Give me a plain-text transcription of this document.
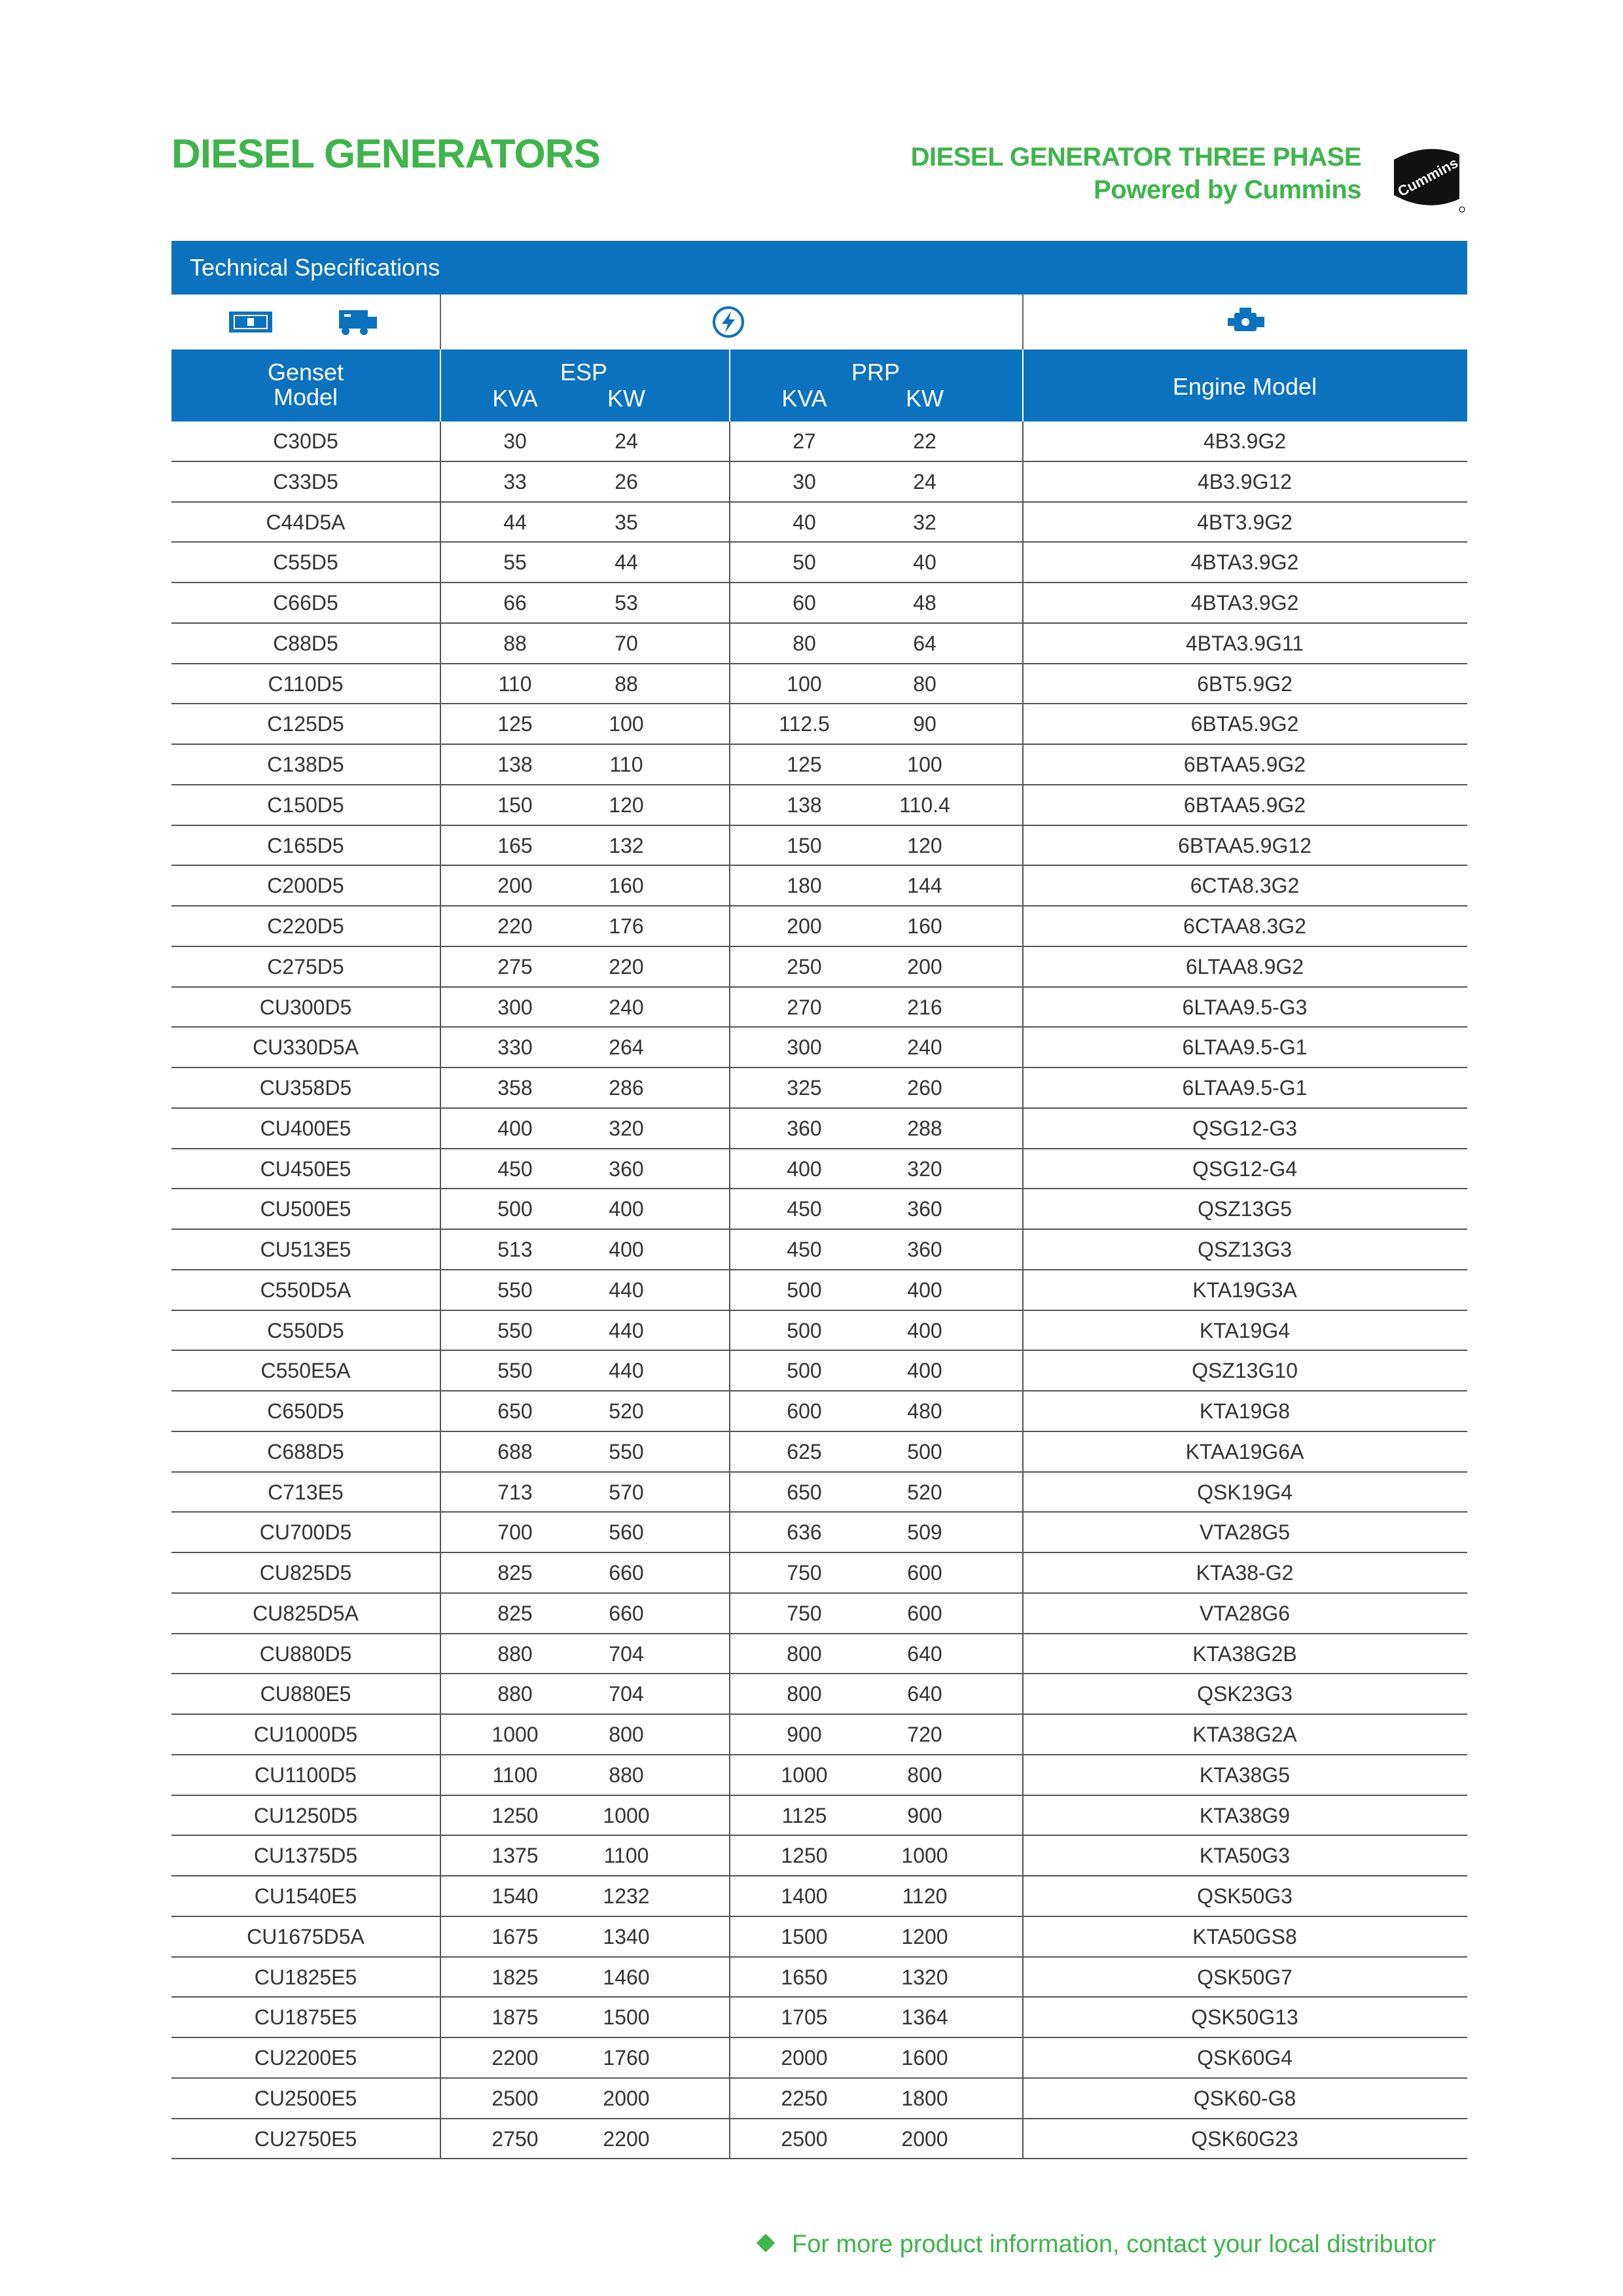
DIESEL GENERATORS	DIESEL GENERATOR THREE PHASE
Powered by Cummins Cummins
Technical Specifications
Genset
Model
ESP
KVA	KW
PRP
KVA	KW	Engine Model
C30D5	30	24	27	22	4B3.9G2
C33D5	33	26	30	24	4B3.9G12
C44D5A	44	35	40	32	4BT3.9G2
C55D5	55	44	50	40	4BTA3.9G2
C66D5	66	53	60	48	4BTA3.9G2
C88D5	88	70	80	64	4BTA3.9G11
C110D5	110	88	100	80	6BT5.9G2
C125D5	125	100	112.5	90	6BTA5.9G2
C138D5	138	110	125	100	6BTAA5.9G2
C150D5	150	120	138	110.4	6BTAA5.9G2
C165D5	165	132	150	120	6BTAA5.9G12
C200D5	200	160	180	144	6CTA8.3G2
C220D5	220	176	200	160	6CTAA8.3G2
C275D5	275	220	250	200	6LTAA8.9G2
CU300D5	300	240	270	216	6LTAA9.5-G3
CU330D5A	330	264	300	240	6LTAA9.5-G1
CU358D5	358	286	325	260	6LTAA9.5-G1
CU400E5	400	320	360	288	QSG12-G3
CU450E5	450	360	400	320	QSG12-G4
CU500E5	500	400	450	360	QSZ13G5
CU513E5	513	400	450	360	QSZ13G3
C550D5A	550	440	500	400	KTA19G3A
C550D5	550	440	500	400	KTA19G4
C550E5A	550	440	500	400	QSZ13G10
C650D5	650	520	600	480	KTA19G8
C688D5	688	550	625	500	KTAA19G6A
C713E5	713	570	650	520	QSK19G4
CU700D5	700	560	636	509	VTA28G5
CU825D5	825	660	750	600	KTA38-G2
CU825D5A	825	660	750	600	VTA28G6
CU880D5	880	704	800	640	KTA38G2B
CU880E5	880	704	800	640	QSK23G3
CU1000D5	1000	800	900	720	KTA38G2A
CU1100D5	1100	880	1000	800	KTA38G5
CU1250D5	1250	1000	1125	900	KTA38G9
CU1375D5	1375	1100	1250	1000	KTA50G3
CU1540E5	1540	1232	1400	1120	QSK50G3
CU1675D5A	1675	1340	1500	1200	KTA50GS8
CU1825E5	1825	1460	1650	1320	QSK50G7
CU1875E5	1875	1500	1705	1364	QSK50G13
CU2200E5	2200	1760	2000	1600	QSK60G4
CU2500E5	2500	2000	2250	1800	QSK60-G8
CU2750E5	2750	2200	2500	2000	QSK60G23
For more product information, contact your local distributor
